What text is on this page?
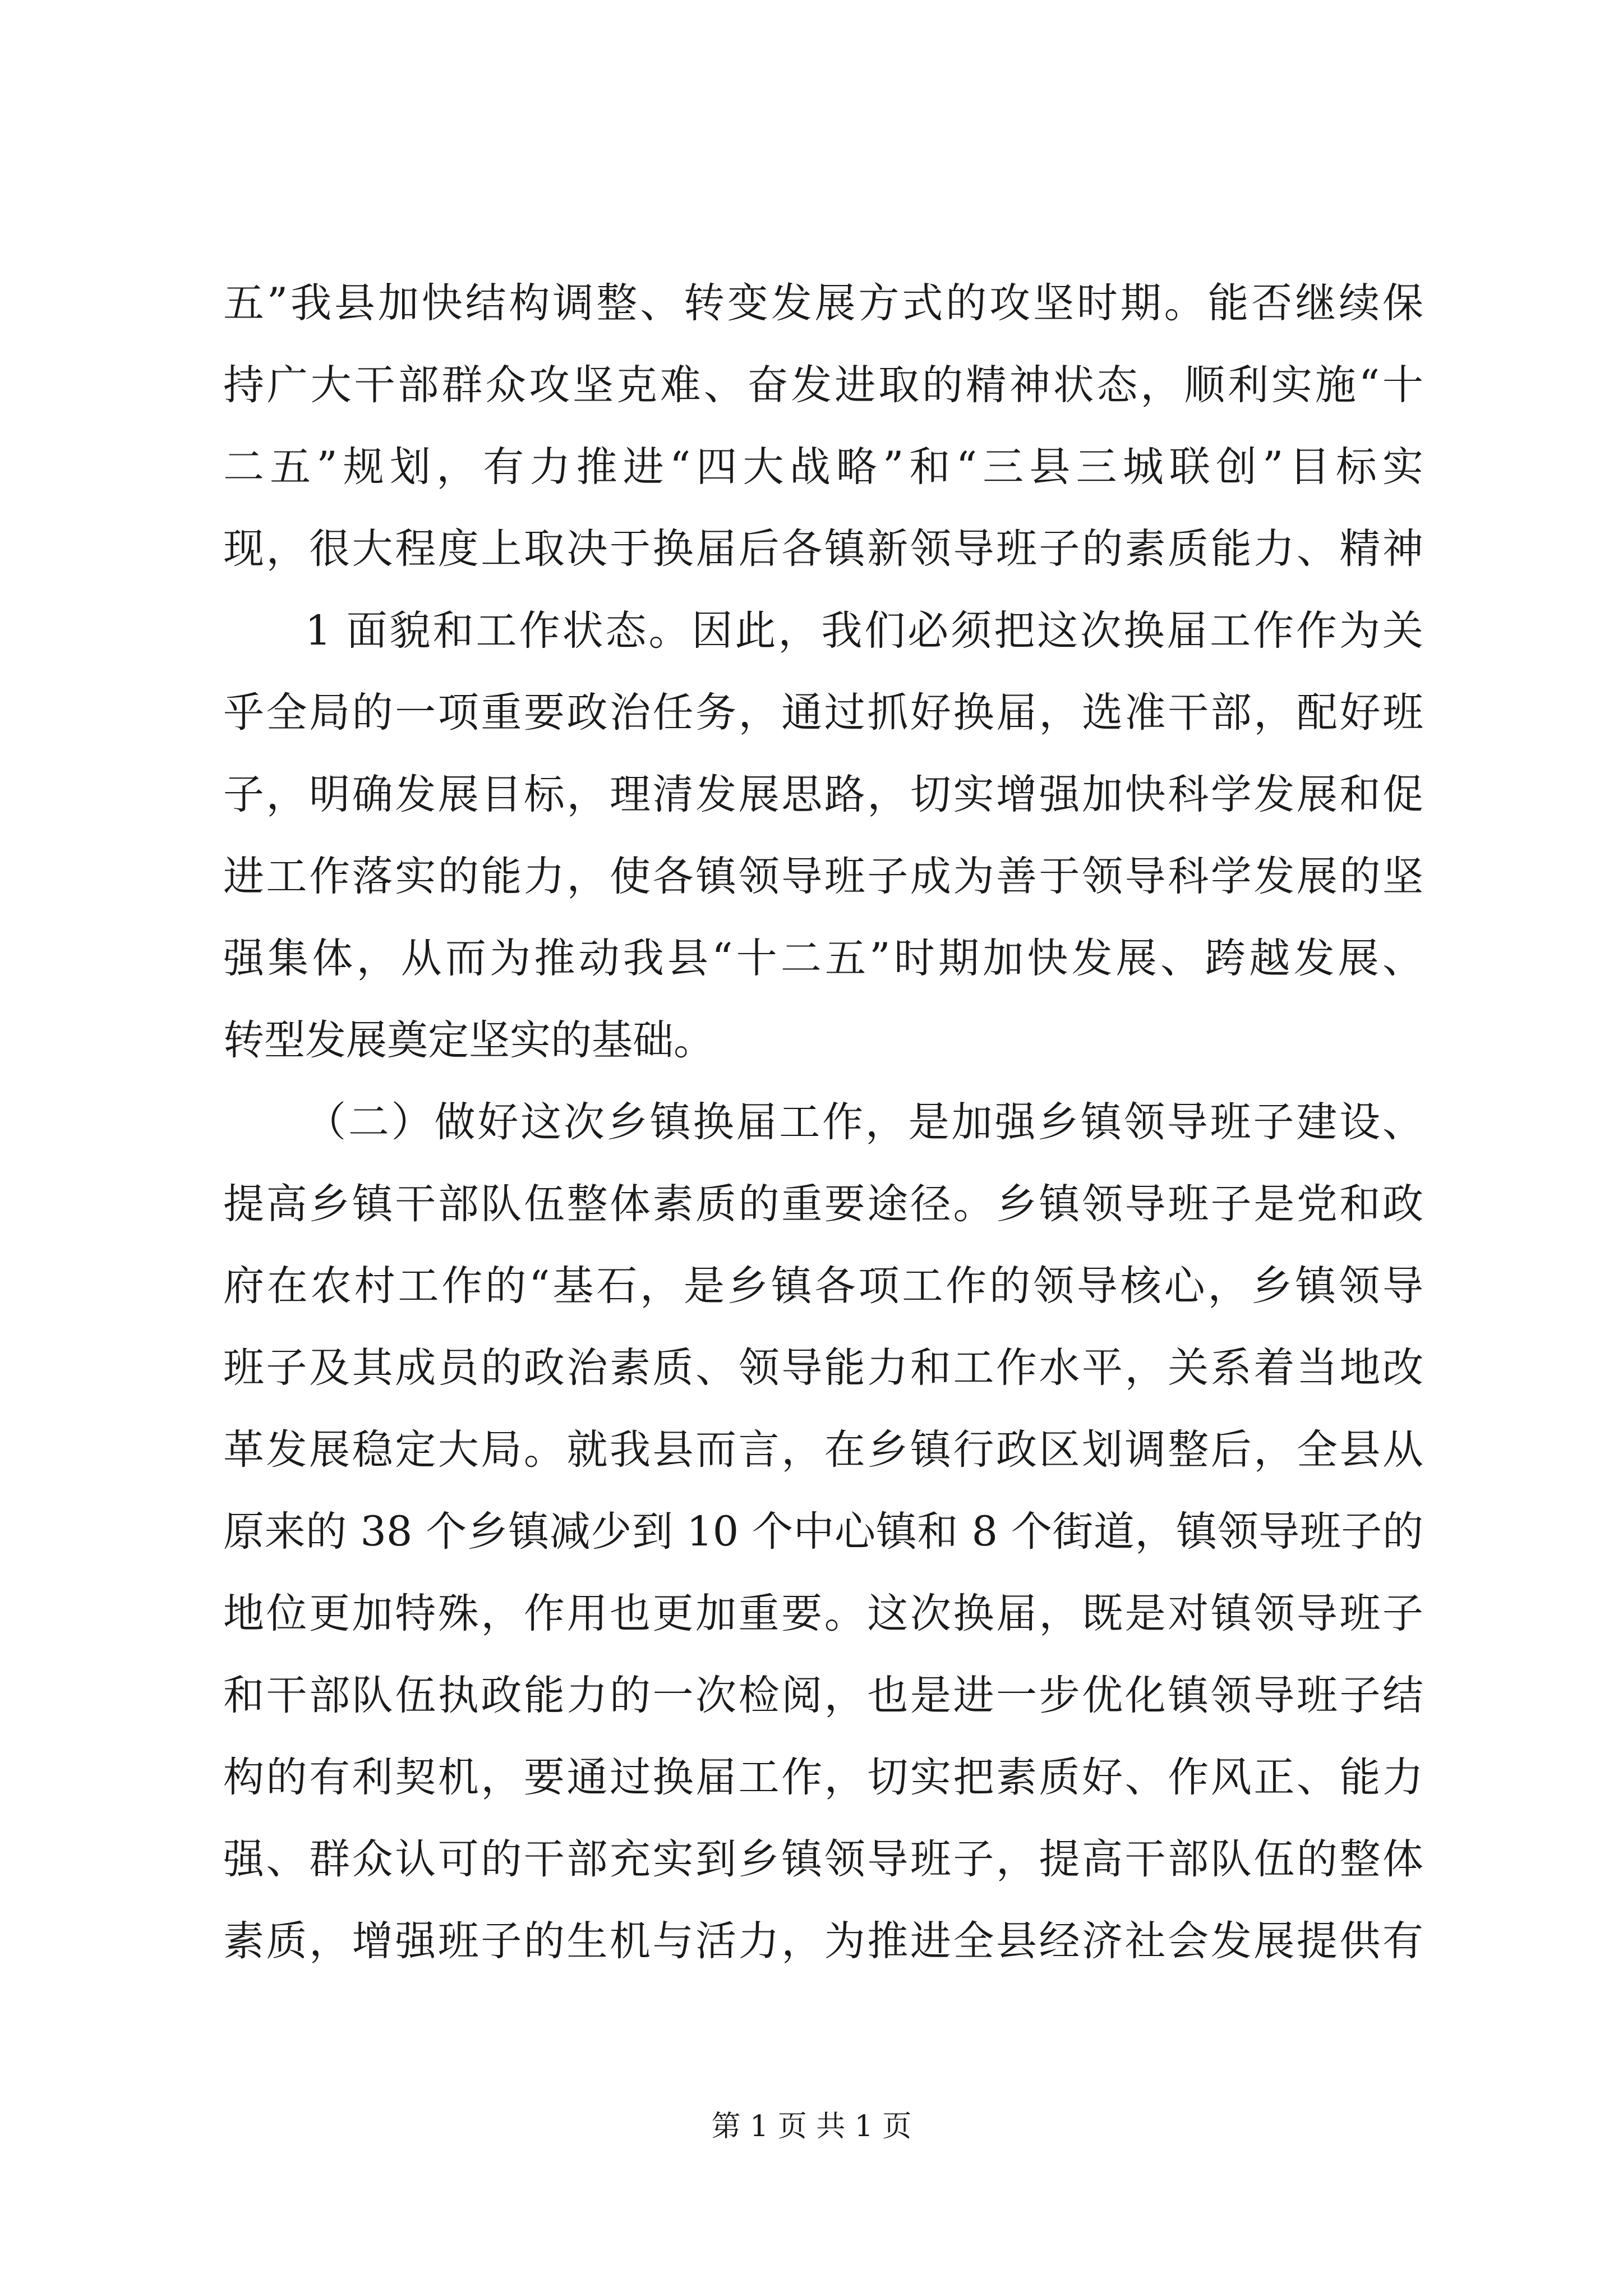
五”我县加快结构调整、转变发展方式的攻坚时期。能否继续保
持广大干部群众攻坚克难、奋发进取的精神状态，顺利实施“十
二五”规划，有力推进“四大战略”和“三县三城联创”目标实
现，很大程度上取决于换届后各镇新领导班子的素质能力、精神
1 面貌和工作状态。因此，我们必须把这次换届工作作为关
乎全局的一项重要政治任务，通过抓好换届，选准干部，配好班
子，明确发展目标，理清发展思路，切实增强加快科学发展和促
进工作落实的能力，使各镇领导班子成为善于领导科学发展的坚
强集体，从而为推动我县“十二五”时期加快发展、跨越发展、
转型发展奠定坚实的基础。
（二）做好这次乡镇换届工作，是加强乡镇领导班子建设、
提高乡镇干部队伍整体素质的重要途径。乡镇领导班子是党和政
府在农村工作的“基石，是乡镇各项工作的领导核心，乡镇领导
班子及其成员的政治素质、领导能力和工作水平，关系着当地改
革发展稳定大局。就我县而言，在乡镇行政区划调整后，全县从
原来的 38 个乡镇减少到 10 个中心镇和 8 个街道，镇领导班子的
地位更加特殊，作用也更加重要。这次换届，既是对镇领导班子
和干部队伍执政能力的一次检阅，也是进一步优化镇领导班子结
构的有利契机，要通过换届工作，切实把素质好、作风正、能力
强、群众认可的干部充实到乡镇领导班子，提高干部队伍的整体
素质，增强班子的生机与活力，为推进全县经济社会发展提供有
第 1 页 共 1 页
